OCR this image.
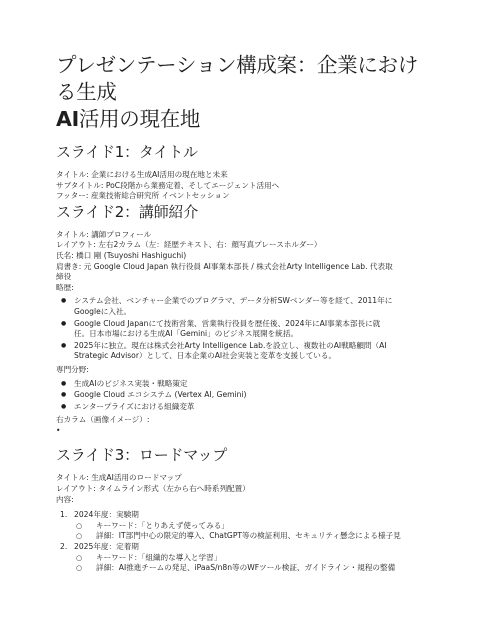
プレゼンテーション構成案：企業における生成
AI活用の現在地
スライド1：タイトル

タイトル: 企業における生成AI活用の現在地と未来

サブタイトル: PoC段階から業務定着、そしてエージェント活用へ

フッター: 産業技術総合研究所 イベントセッション

スライド2：講師紹介

タイトル: 講師プロフィール

レイアウト: 左右2カラム（左：経歴テキスト、右：顔写真プレースホルダー）

氏名: 橋口 剛 (Tsuyoshi Hashiguchi)

肩書き: 元 Google Cloud Japan 執行役員 AI事業本部長 / 株式会社Arty Intelligence Lab. 代表取

締役

略歴:

● システム会社、ベンチャー企業でのプログラマ、データ分析SWベンダー等を経て、2011年に
Googleに入社。
● Google Cloud Japanにて技術営業、営業執行役員を歴任後、2024年にAI事業本部長に就
任。日本市場における生成AI「Gemini」のビジネス展開を統括。
● 2025年に独立。現在は株式会社Arty Intelligence Lab.を設立し、複数社のAI戦略顧問（AI
Strategic Advisor）として、日本企業のAI社会実装と変革を支援している。

専門分野:

● 生成AIのビジネス実装・戦略策定
● Google Cloud エコシステム (Vertex AI, Gemini)
● エンタープライズにおける組織変革

右カラム（画像イメージ）:

•

スライド3：ロードマップ

タイトル: 生成AI活用のロードマップ

レイアウト: タイムライン形式（左から右へ時系列配置）

内容:

1. 2024年度：実験期
○ キーワード：「とりあえず使ってみる」
○ 詳細：IT部門中心の限定的導入、ChatGPT等の検証利用、セキュリティ懸念による様子見
2. 2025年度：定着期
○ キーワード：「組織的な導入と学習」
○ 詳細：AI推進チームの発足、iPaaS/n8n等のWFツール検証、ガイドライン・規程の整備
